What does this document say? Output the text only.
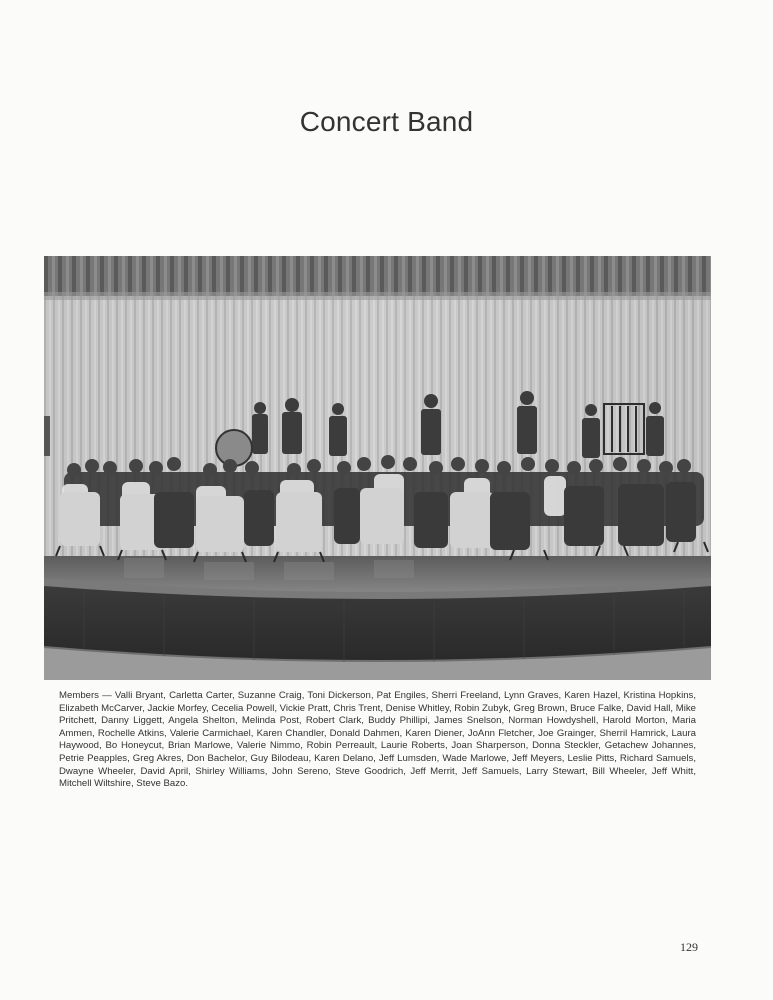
Concert Band
Members — Valli Bryant, Carletta Carter, Suzanne Craig, Toni Dickerson, Pat Engiles, Sherri Freeland, Lynn Graves, Karen Hazel, Kristina Hopkins, Elizabeth McCarver, Jackie Morfey, Cecelia Powell, Vickie Pratt, Chris Trent, Denise Whitley, Robin Zubyk, Greg Brown, Bruce Falke, David Hall, Mike Pritchett, Danny Liggett, Angela Shelton, Melinda Post, Robert Clark, Buddy Phillipi, James Snelson, Norman Howdyshell, Harold Morton, Maria Ammen, Rochelle Atkins, Valerie Carmichael, Karen Chandler, Donald Dahmen, Karen Diener, JoAnn Fletcher, Joe Grainger, Sherril Hamrick, Laura Haywood, Bo Honeycut, Brian Marlowe, Valerie Nimmo, Robin Perreault, Laurie Roberts, Joan Sharperson, Donna Steckler, Getachew Johannes, Petrie Peapples, Greg Akres, Don Bachelor, Guy Bilodeau, Karen Delano, Jeff Lumsden, Wade Marlowe, Jeff Meyers, Leslie Pitts, Richard Samuels, Dwayne Wheeler, David April, Shirley Williams, John Sereno, Steve Goodrich, Jeff Merrit, Jeff Samuels, Larry Stewart, Bill Wheeler, Jeff Whitt, Mitchell Wiltshire, Steve Bazo.
129
